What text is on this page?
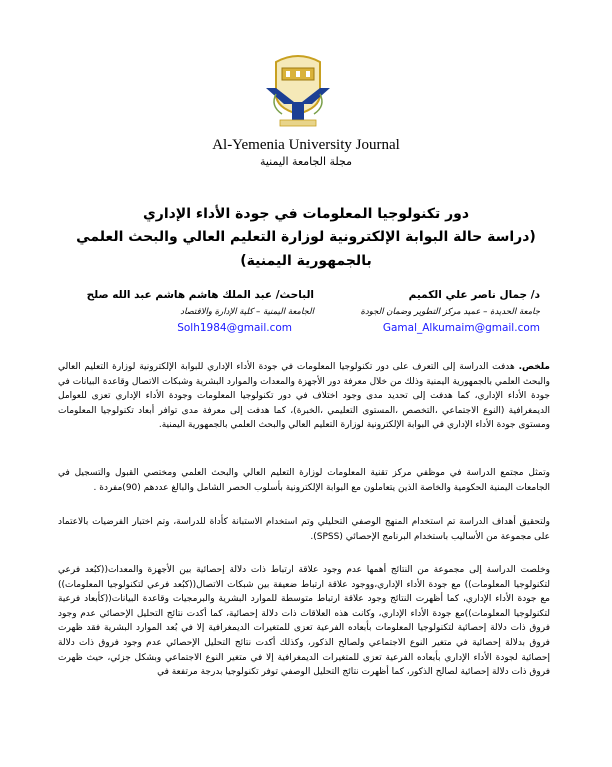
Al-Yemenia University Journal
مجلة الجامعة اليمنية
دور تكنولوجيا المعلومات في جودة الأداء الإداري
(دراسة حالة البوابة الإلكترونية لوزارة التعليم العالي والبحث العلمي
بالجمهورية اليمنية)
د/ جمال ناصر علي الكميم
جامعة الحديدة – عميد مركز التطوير وضمان الجودة
Gamal_Alkumaim@gmail.com
الباحث/ عبد الملك هاشم هاشم عبد الله صلح
الجامعة اليمنية – كلية الإدارة والاقتصاد
Solh1984@gmail.com

ملخص. هدفت الدراسة إلى التعرف على دور تكنولوجيا المعلومات في جودة الأداء الإداري للبوابة الإلكترونية لوزارة التعليم العالي والبحث العلمي بالجمهورية اليمنية وذلك من خلال معرفة دور الأجهزة والمعدات والموارد البشرية وشبكات الاتصال وقاعدة البيانات في جودة الأداء الإداري، كما هدفت إلى تحديد مدى وجود اختلاف في دور تكنولوجيا المعلومات وجودة الأداء الإداري تعزى للعوامل الديمغرافية (النوع الاجتماعي ،التخصص ،المستوى التعليمي ،الخبرة)، كما هدفت إلى معرفة مدى توافر أبعاد تكنولوجيا المعلومات ومستوى جودة الأداء الإداري في البوابة الإلكترونية لوزارة التعليم العالي والبحث العلمي بالجمهورية اليمنية.

وتمثل مجتمع الدراسة في موظفي مركز تقنية المعلومات لوزارة التعليم العالي والبحث العلمي ومختصي القبول والتسجيل في الجامعات اليمنية الحكومية والخاصة الذين يتعاملون مع البوابة الإلكترونية بأسلوب الحصر الشامل والبالغ عددهم (90)مفردة .

ولتحقيق أهداف الدراسة تم استخدام المنهج الوصفي التحليلي وتم استخدام الاستبانة كأداة للدراسة، وتم اختبار الفرضيات بالاعتماد على مجموعة من الأساليب باستخدام البرنامج الإحصائي (SPSS).

وخلصت الدراسة إلى مجموعة من النتائج أهمها عدم وجود علاقة ارتباط ذات دلالة إحصائية بين الأجهزة والمعدات((كبُعد فرعي لتكنولوجيا المعلومات)) مع جودة الأداء الإداري،ووجود علاقة ارتباط ضعيفة بين شبكات الاتصال((كبُعد فرعي لتكنولوجيا المعلومات)) مع جودة الأداء الإداري، كما أظهرت النتائج وجود علاقة ارتباط متوسطة للموارد البشرية والبرمجيات وقاعدة البيانات((كأبعاد فرعية لتكنولوجيا المعلومات))مع جودة الأداء الإداري، وكانت هذه العلاقات ذات دلالة إحصائية، كما أكدت نتائج التحليل الإحصائي عدم وجود فروق ذات دلالة إحصائية لتكنولوجيا المعلومات بأبعاده الفرعية تعزى للمتغيرات الديمغرافية إلا في بُعد الموارد البشرية فقد ظهرت فروق بدلالة إحصائية في متغير النوع الاجتماعي ولصالح الذكور، وكذلك أكدت نتائج التحليل الإحصائي عدم وجود فروق ذات دلالة إحصائية لجودة الأداء الإداري بأبعاده الفرعية تعزى للمتغيرات الديمغرافية إلا في متغير النوع الاجتماعي وبشكل جزئي، حيث ظهرت فروق ذات دلالة إحصائية لصالح الذكور، كما أظهرت نتائج التحليل الوصفي توفر تكنولوجيا بدرجة مرتفعة في
